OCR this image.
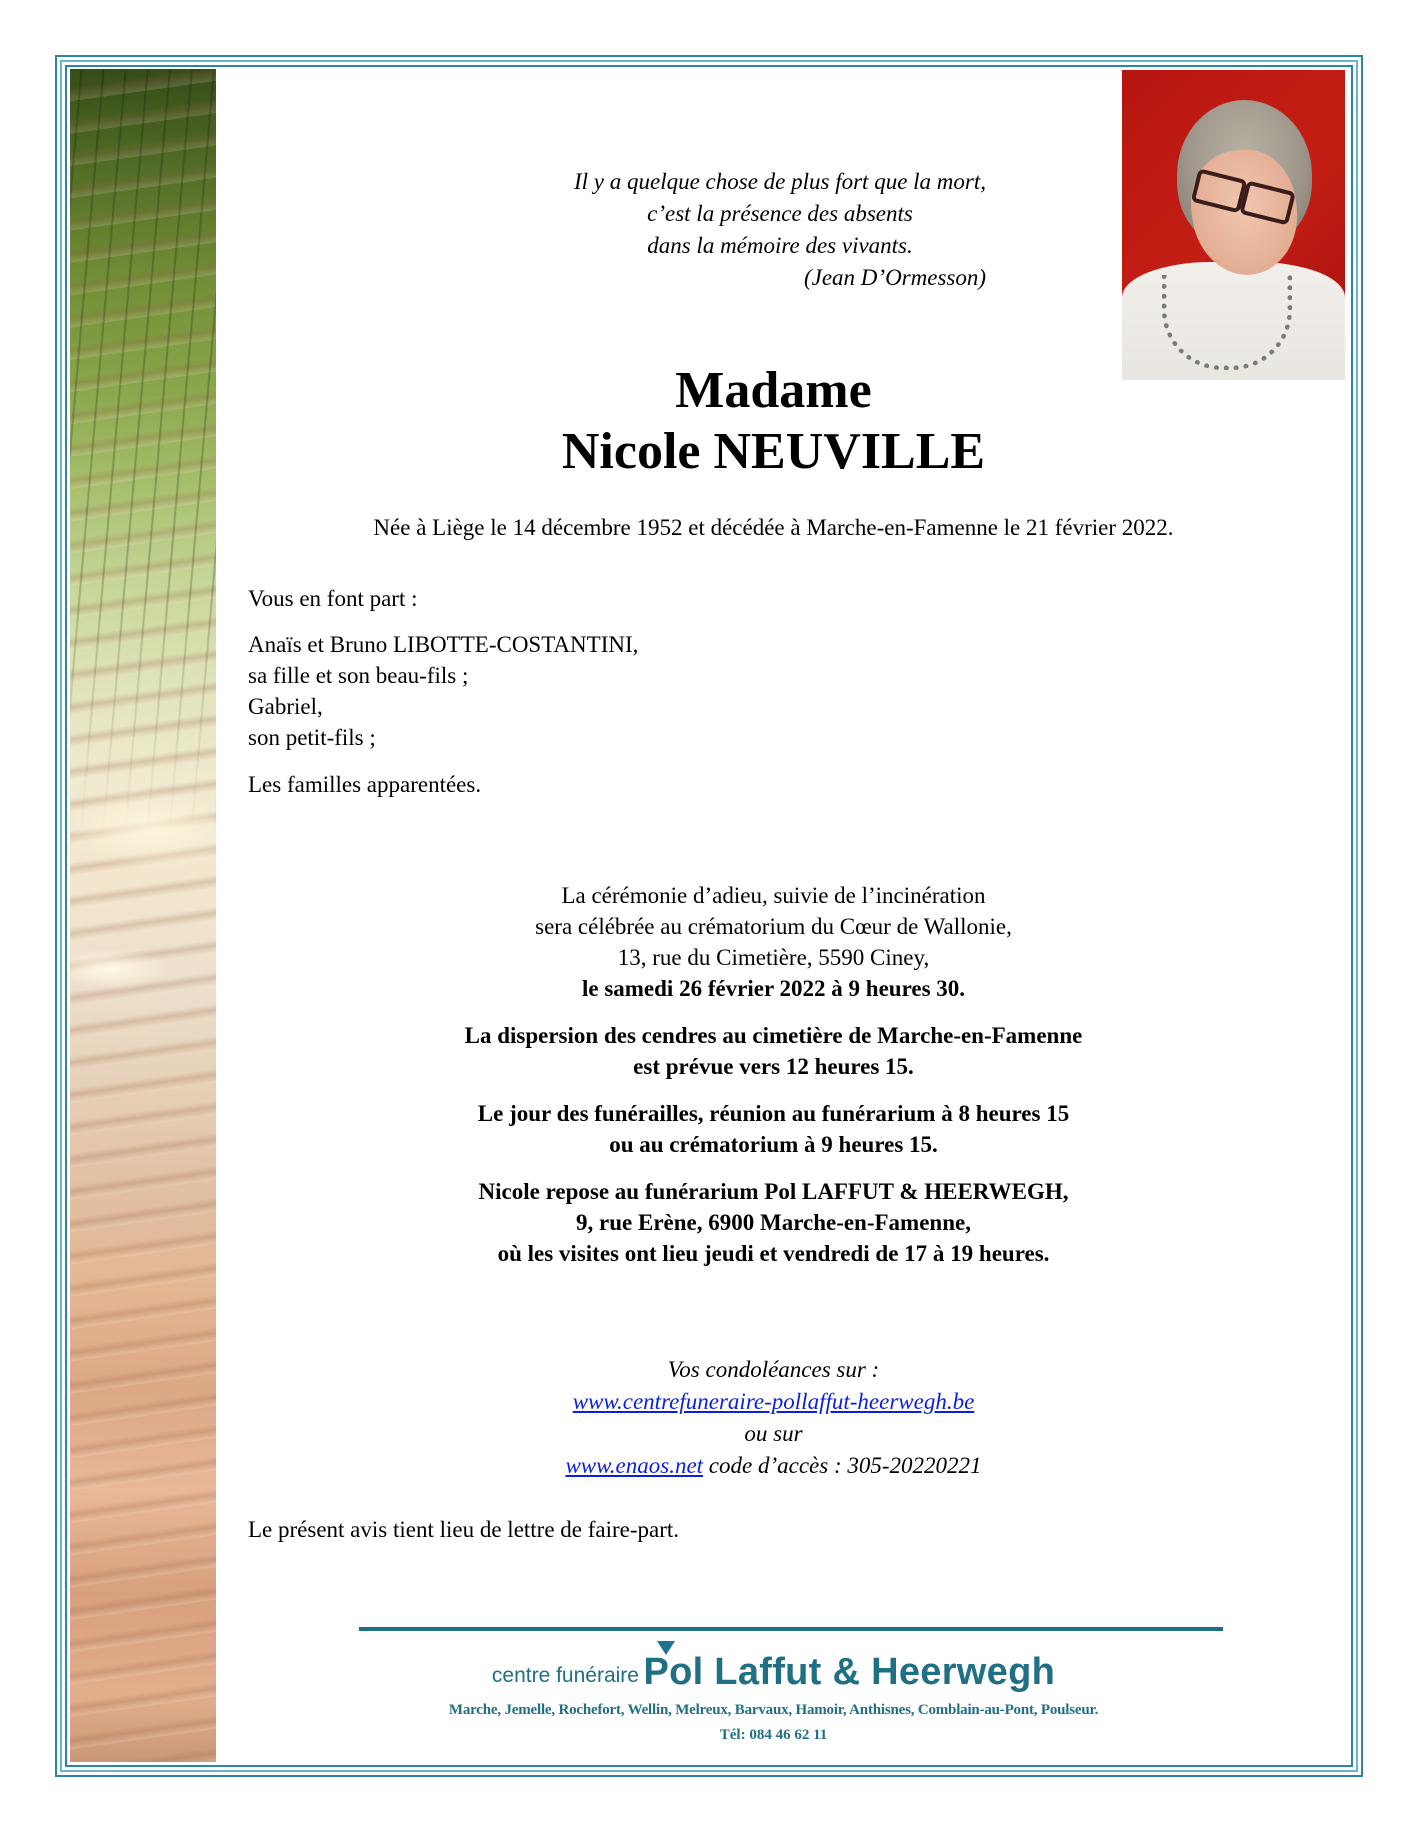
Il y a quelque chose de plus fort que la mort,
c’est la présence des absents
dans la mémoire des vivants.
(Jean D’Ormesson)
Madame
Nicole NEUVILLE
Née à Liège le 14 décembre 1952 et décédée à Marche-en-Famenne le 21 février 2022.
Vous en font part :
Anaïs et Bruno LIBOTTE-COSTANTINI,
sa fille et son beau-fils ;
Gabriel,
son petit-fils ;
Les familles apparentées.

La cérémonie d’adieu, suivie de l’incinération
sera célébrée au crématorium du Cœur de Wallonie,
13, rue du Cimetière, 5590 Ciney,
le samedi 26 février 2022 à 9 heures 30.

La dispersion des cendres au cimetière de Marche-en-Famenne
est prévue vers 12 heures 15.

Le jour des funérailles, réunion au funérarium à 8 heures 15
ou au crématorium à 9 heures 15.

Nicole repose au funérarium Pol LAFFUT & HEERWEGH,
9, rue Erène, 6900 Marche-en-Famenne,
où les visites ont lieu jeudi et vendredi de 17 à 19 heures.

Vos condoléances sur :
www.centrefuneraire-pollaffut-heerwegh.be
ou sur
www.enaos.net code d’accès : 305-20220221
Le présent avis tient lieu de lettre de faire-part.
centre funéraire Pol Laffut & Heerwegh
Marche, Jemelle, Rochefort, Wellin, Melreux, Barvaux, Hamoir, Anthisnes, Comblain-au-Pont, Poulseur.
Tél: 084 46 62 11
